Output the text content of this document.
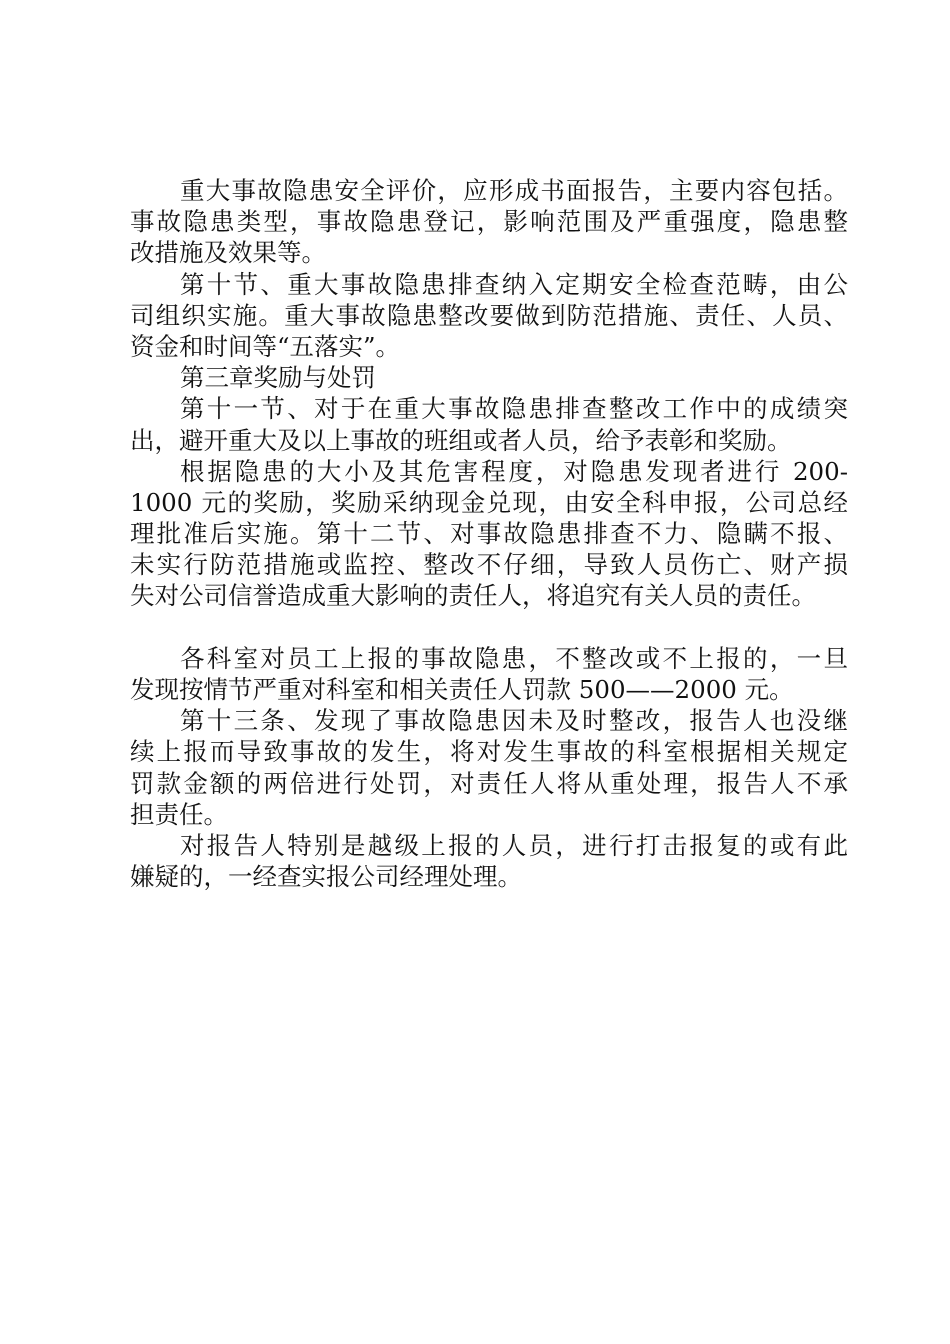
重大事故隐患安全评价，应形成书面报告，主要内容包括。
事故隐患类型，事故隐患登记，影响范围及严重强度，隐患整
改措施及效果等。
第十节、重大事故隐患排查纳入定期安全检查范畴，由公
司组织实施。重大事故隐患整改要做到防范措施、责任、人员、
资金和时间等“五落实”。
第三章奖励与处罚
第十一节、对于在重大事故隐患排查整改工作中的成绩突
出，避开重大及以上事故的班组或者人员，给予表彰和奖励。
根据隐患的大小及其危害程度，对隐患发现者进行 200-
1000 元的奖励，奖励采纳现金兑现，由安全科申报，公司总经
理批准后实施。第十二节、对事故隐患排查不力、隐瞒不报、
未实行防范措施或监控、整改不仔细，导致人员伤亡、财产损
失对公司信誉造成重大影响的责任人，将追究有关人员的责任。
各科室对员工上报的事故隐患，不整改或不上报的，一旦
发现按情节严重对科室和相关责任人罚款 500——2000 元。
第十三条、发现了事故隐患因未及时整改，报告人也没继
续上报而导致事故的发生，将对发生事故的科室根据相关规定
罚款金额的两倍进行处罚，对责任人将从重处理，报告人不承
担责任。
对报告人特别是越级上报的人员，进行打击报复的或有此
嫌疑的，一经查实报公司经理处理。
